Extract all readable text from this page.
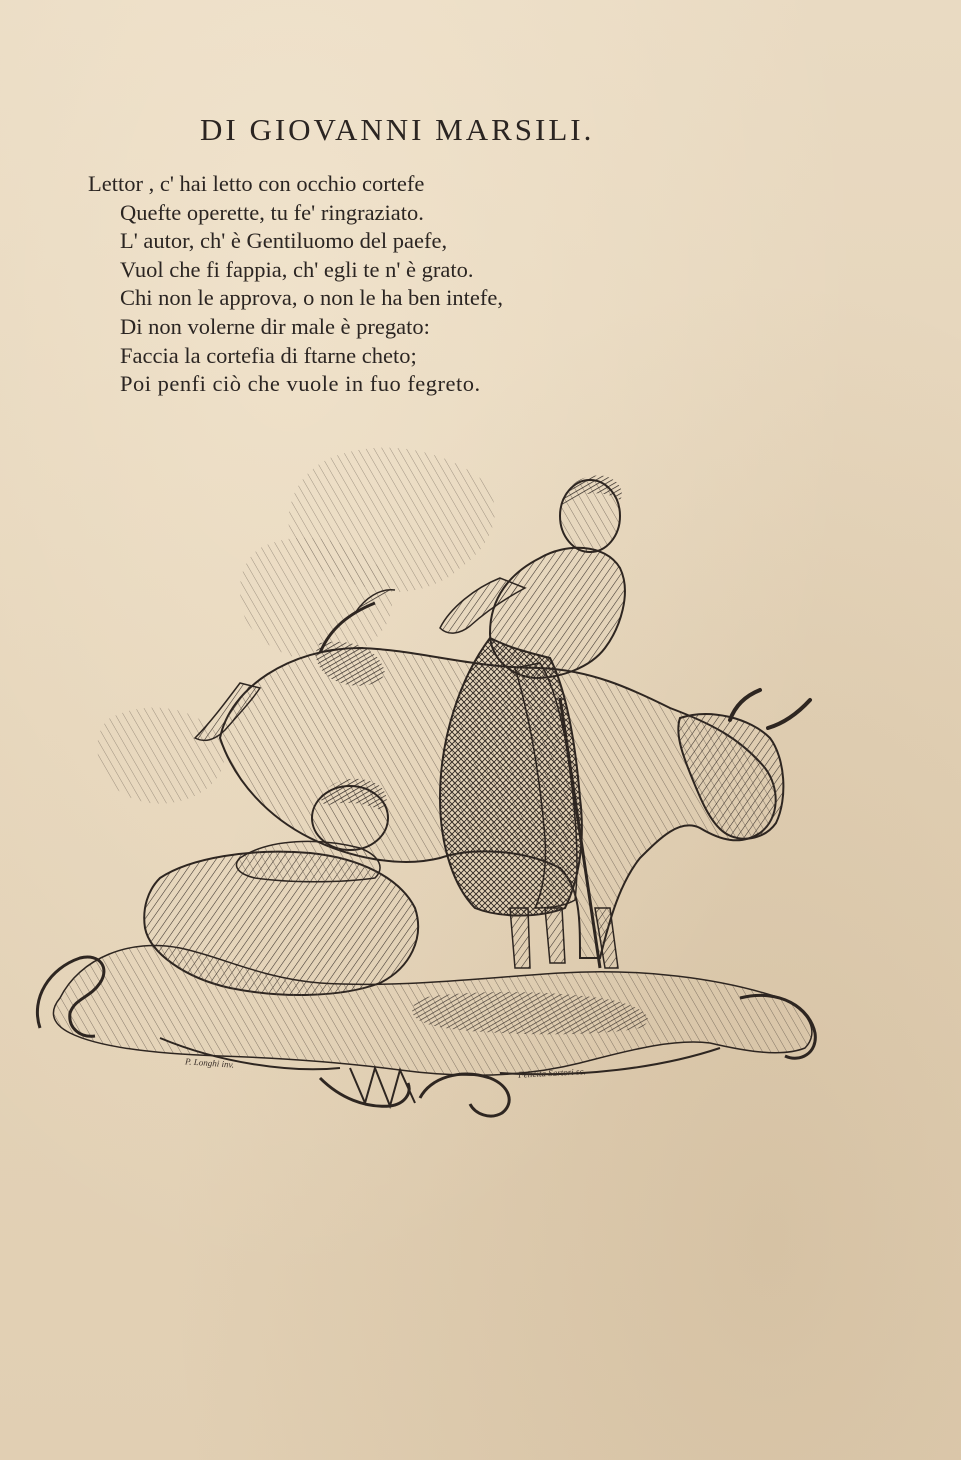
DI GIOVANNI MARSILI.
Lettor , c' hai letto con occhio cortefe
Quefte operette, tu fe' ringraziato.
L' autor, ch' è Gentiluomo del paefe,
Vuol che fi fappia, ch' egli te n' è grato.
Chi non le approva, o non le ha ben intefe,
Di non volerne dir male è pregato:
Faccia la cortefia di ftarne cheto;
Poi penfi ciò che vuole in fuo fegreto.
P. Longhi inv.
Felicita Sartori sc.
